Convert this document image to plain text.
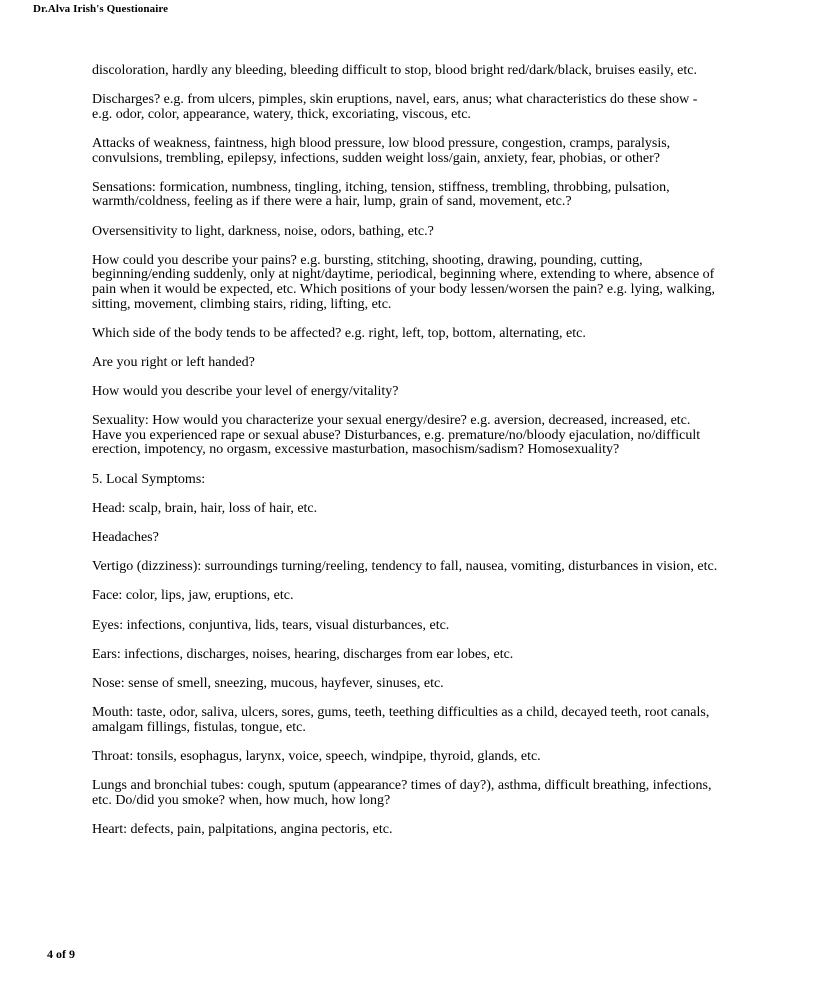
Dr.Alva Irish's Questionaire

discoloration, hardly any bleeding, bleeding difficult to stop, blood bright red/dark/black, bruises easily, etc.

Discharges? e.g. from ulcers, pimples, skin eruptions, navel, ears, anus; what characteristics do these show - e.g. odor, color, appearance, watery, thick, excoriating, viscous, etc.

Attacks of weakness, faintness, high blood pressure, low blood pressure, congestion, cramps, paralysis, convulsions, trembling, epilepsy, infections, sudden weight loss/gain, anxiety, fear, phobias, or other?

Sensations: formication, numbness, tingling, itching, tension, stiffness, trembling, throbbing, pulsation, warmth/coldness, feeling as if there were a hair, lump, grain of sand, movement, etc.?

Oversensitivity to light, darkness, noise, odors, bathing, etc.?

How could you describe your pains? e.g. bursting, stitching, shooting, drawing, pounding, cutting, beginning/ending suddenly, only at night/daytime, periodical, beginning where, extending to where, absence of pain when it would be expected, etc. Which positions of your body lessen/worsen the pain? e.g. lying, walking, sitting, movement, climbing stairs, riding, lifting, etc.

Which side of the body tends to be affected? e.g. right, left, top, bottom, alternating, etc.

Are you right or left handed?

How would you describe your level of energy/vitality?

Sexuality: How would you characterize your sexual energy/desire? e.g. aversion, decreased, increased, etc. Have you experienced rape or sexual abuse? Disturbances, e.g. premature/no/bloody ejaculation, no/difficult erection, impotency, no orgasm, excessive masturbation, masochism/sadism? Homosexuality?

5. Local Symptoms:

Head: scalp, brain, hair, loss of hair, etc.

Headaches?

Vertigo (dizziness): surroundings turning/reeling, tendency to fall, nausea, vomiting, disturbances in vision, etc.

Face: color, lips, jaw, eruptions, etc.

Eyes: infections, conjuntiva, lids, tears, visual disturbances, etc.

Ears: infections, discharges, noises, hearing, discharges from ear lobes, etc.

Nose: sense of smell, sneezing, mucous, hayfever, sinuses, etc.

Mouth: taste, odor, saliva, ulcers, sores, gums, teeth, teething difficulties as a child, decayed teeth, root canals, amalgam fillings, fistulas, tongue, etc.

Throat: tonsils, esophagus, larynx, voice, speech, windpipe, thyroid, glands, etc.

Lungs and bronchial tubes: cough, sputum (appearance? times of day?), asthma, difficult breathing, infections, etc. Do/did you smoke? when, how much, how long?

Heart: defects, pain, palpitations, angina pectoris, etc.

4 of 9
